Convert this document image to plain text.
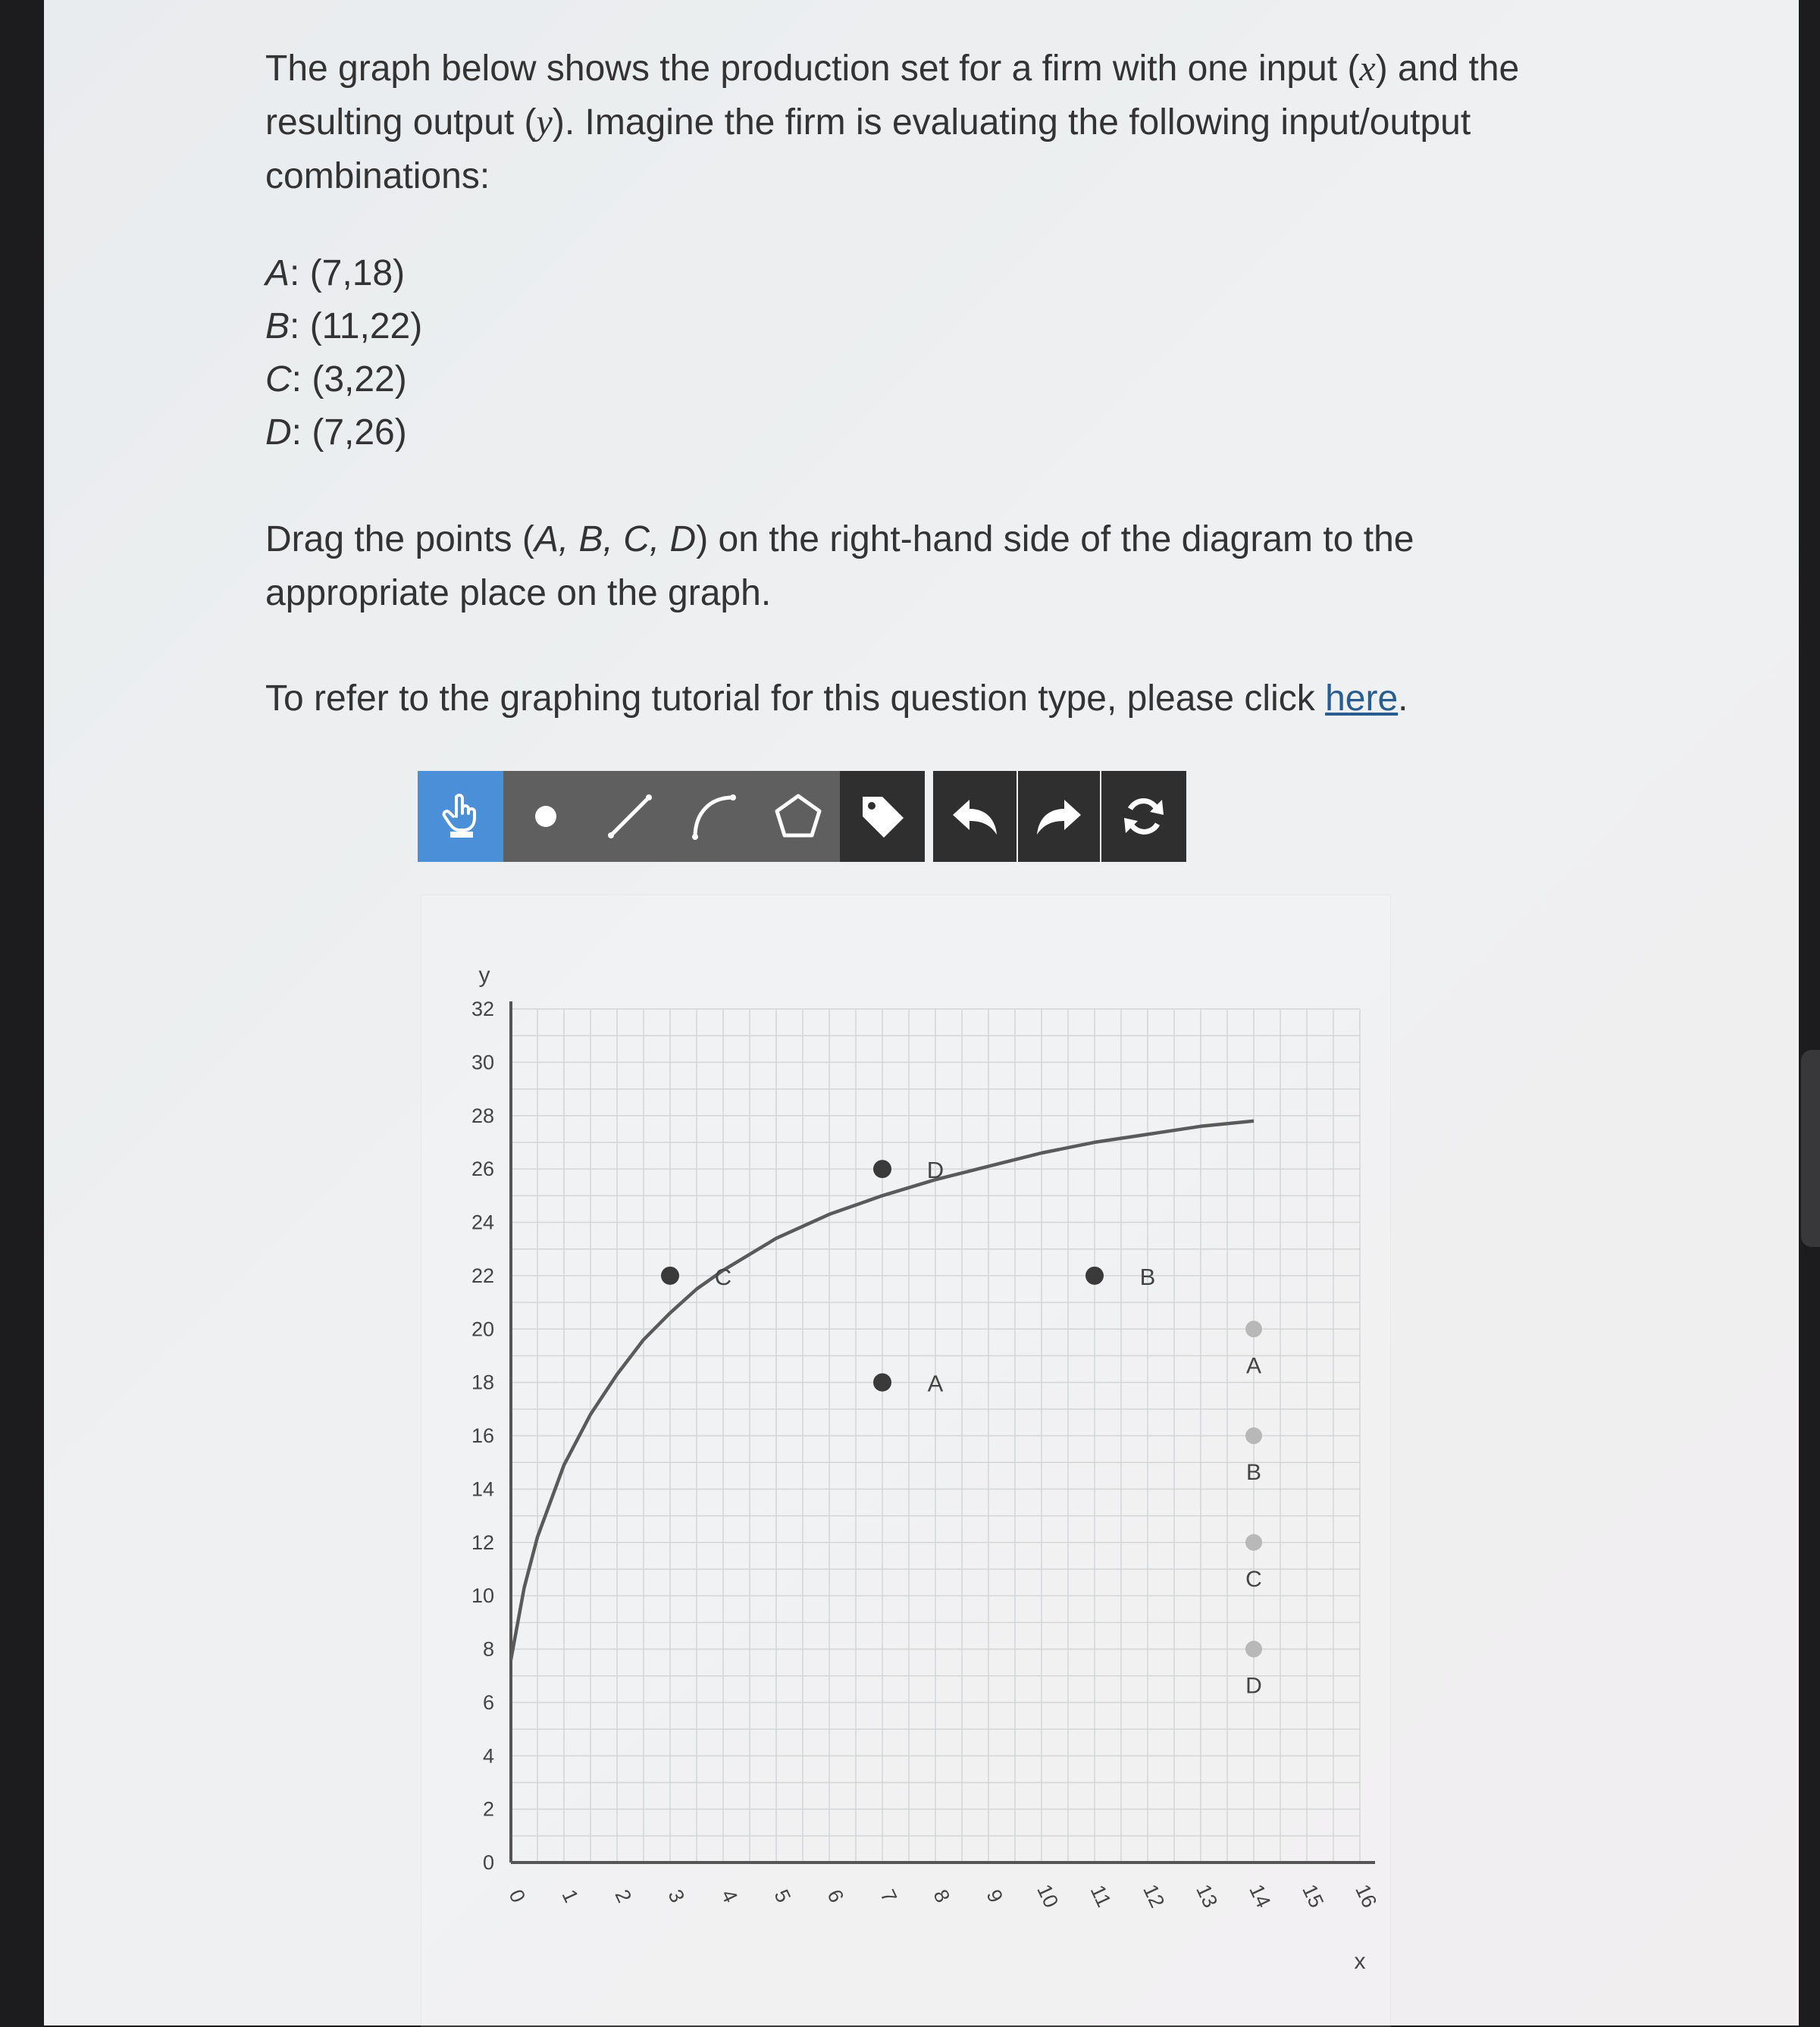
The graph below shows the production set for a firm with one input (x) and the resulting output (y). Imagine the firm is evaluating the following input/output combinations:

A: (7,18)
B: (11,22)
C: (3,22)
D: (7,26)

Drag the points (A, B, C, D) on the right-hand side of the diagram to the appropriate place on the graph.

To refer to the graphing tutorial for this question type, please click here.

0
2
4
6
8
10
12
14
16
18
20
22
24
26
28
30
32
0 1 2 3 4 5 6 7 8 9 10 11 12 13 14 15 16
y
x
A
B
C
D
A
B
C
D
